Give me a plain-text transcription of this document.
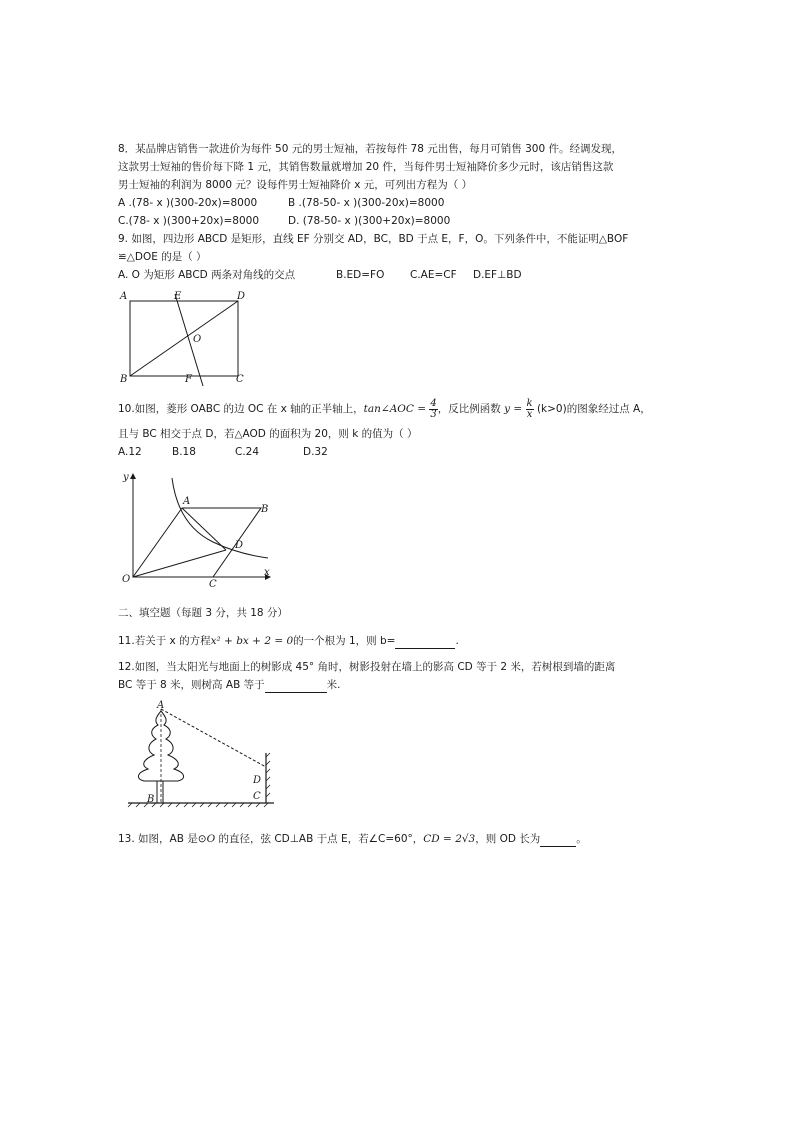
8．某品牌店销售一款进价为每件 50 元的男士短袖，若按每件 78 元出售，每月可销售 300 件。经调发现，
这款男士短袖的售价每下降 1 元，其销售数量就增加 20 件，当每件男士短袖降价多少元时，该店销售这款
男士短袖的利润为 8000 元？设每件男士短袖降价 x 元，可列出方程为（ ）
A .(78- x )(300-20x)=8000	B .(78-50- x )(300-20x)=8000
C.(78- x )(300+20x)=8000	D. (78-50- x )(300+20x)=8000
9. 如图，四边形 ABCD 是矩形，直线 EF 分别交 AD，BC，BD 于点 E，F，O。下列条件中，不能证明△BOF
≌△DOE 的是（ ）
A. O 为矩形 ABCD 两条对角线的交点	B.ED=FO C.AE=CF D.EF⊥BD
A	E	D
O
B	F	C
10.如图，菱形 OABC 的边 OC 在 x 轴的正半轴上，tan∠AOC = $\frac{4}{3}$ ，反比例函数 $y = \frac{k}{x} (k>0)$的图象经过点 A，
且与 BC 相交于点 D，若△AOD 的面积为 20，则 k 的值为（ ）
A.12	B.18	C.24	D.32
y
x
O
A
B
C
D
二、填空题（每题 3 分，共 18 分）
11.若关于 x 的方程x² + bx + 2 = 0的一个根为 1，则 b=	.
12.如图，当太阳光与地面上的树影成 45° 角时，树影投射在墙上的影高 CD 等于 2 米，若树根到墙的距离
BC 等于 8 米，则树高 AB 等于	米.
A
B
D
C
13. 如图，AB 是⊙O 的直径，弦 CD⊥AB 于点 E，若∠C=60°，CD = 2√3，则 OD 长为	。
